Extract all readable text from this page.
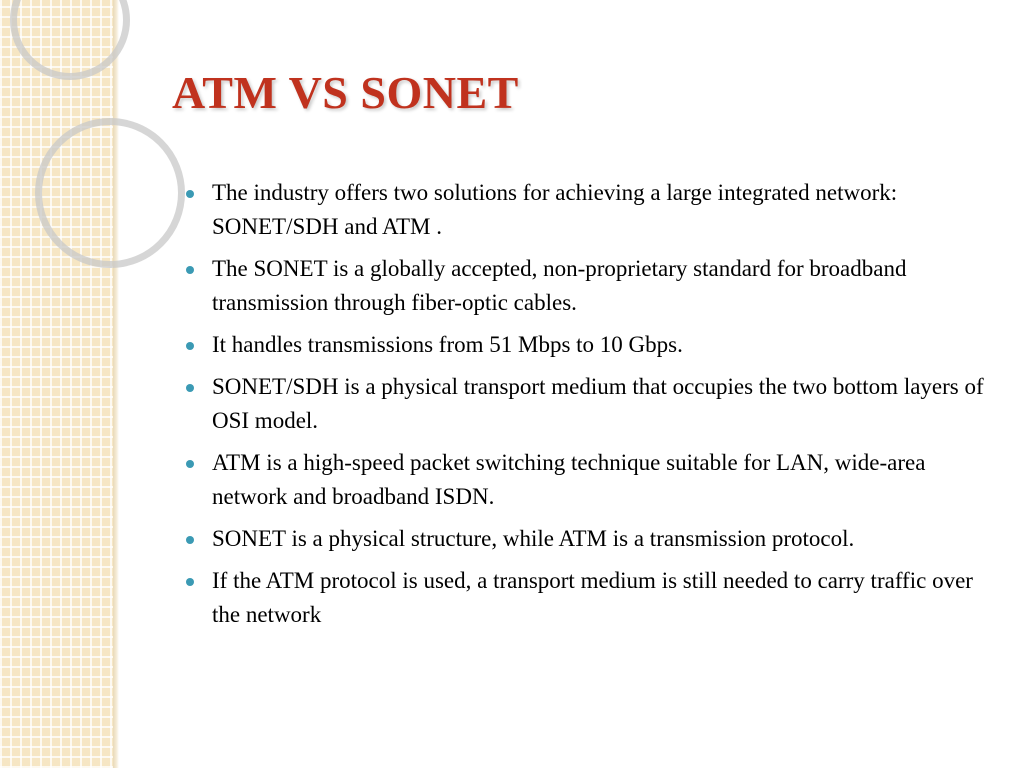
ATM VS SONET
The industry offers two solutions for achieving a large integrated network: SONET/SDH and ATM .
The SONET is a globally accepted, non-proprietary standard for broadband transmission through fiber-optic cables.
It handles transmissions from 51 Mbps to 10 Gbps.
SONET/SDH is a physical transport medium that occupies the two bottom layers of OSI model.
ATM is a high-speed packet switching technique suitable for LAN, wide-area network and broadband ISDN.
SONET is a physical structure, while ATM is a transmission protocol.
If the ATM protocol is used, a transport medium is still needed to carry traffic over the network
